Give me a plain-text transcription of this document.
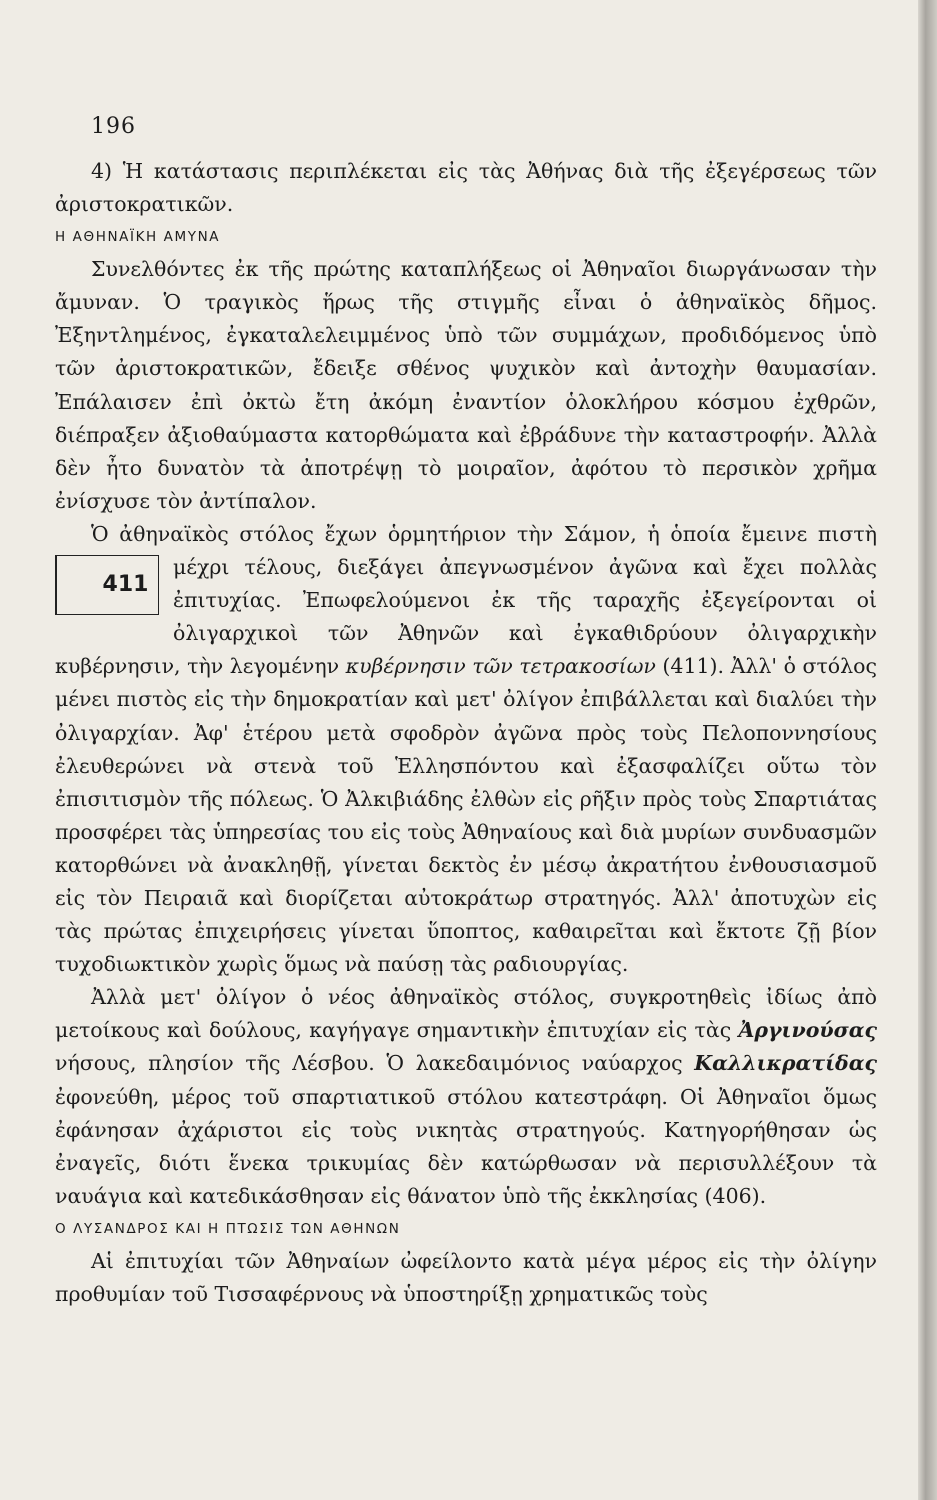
196

4) Ἡ κατάστασις περιπλέκεται εἰς τὰς Ἀθήνας διὰ τῆς ἐξεγέρσεως τῶν ἀριστοκρατικῶν.

Η ΑΘΗΝΑΪΚΗ ΑΜΥΝΑ

Συνελθόντες ἐκ τῆς πρώτης καταπλήξεως οἱ Ἀθηναῖοι διωργάνωσαν τὴν ἄμυναν. Ὁ τραγικὸς ἥρως τῆς στιγμῆς εἶναι ὁ ἀθηναϊκὸς δῆμος. Ἐξηντλημένος, ἐγκαταλελειμμένος ὑπὸ τῶν συμμάχων, προδιδόμενος ὑπὸ τῶν ἀριστοκρατικῶν, ἔδειξε σθένος ψυχικὸν καὶ ἀντοχὴν θαυμασίαν. Ἐπάλαισεν ἐπὶ ὀκτὼ ἔτη ἀκόμη ἐναντίον ὁλοκλήρου κόσμου ἐχθρῶν, διέπραξεν ἀξιοθαύμαστα κατορθώματα καὶ ἐβράδυνε τὴν καταστροφήν. Ἀλλὰ δὲν ἦτο δυνατὸν τὰ ἀποτρέψῃ τὸ μοιραῖον, ἀφότου τὸ περσικὸν χρῆμα ἐνίσχυσε τὸν ἀντίπαλον.

Ὁ ἀθηναϊκὸς στόλος ἔχων ὁρμητήριον τὴν Σάμον, ἡ ὁποία ἔμεινε πιστὴ μέχρι τέλους, διεξάγει ἀπεγνωσμένον ἀγῶνα καὶ ἔχει πολλὰς
411
ἐπιτυχίας. Ἐπωφελούμενοι ἐκ τῆς ταραχῆς ἐξεγείρονται οἱ ὀλιγαρχικοὶ τῶν Ἀθηνῶν καὶ ἐγκαθιδρύουν ὀλιγαρχικὴν κυβέρνησιν, τὴν λεγομένην κυβέρνησιν τῶν τετρακοσίων (411). Ἀλλ' ὁ στόλος μένει πιστὸς εἰς τὴν δημοκρατίαν καὶ μετ' ὀλίγον ἐπιβάλλεται καὶ διαλύει τὴν ὀλιγαρχίαν. Ἀφ' ἑτέρου μετὰ σφοδρὸν ἀγῶνα πρὸς τοὺς Πελοποννησίους ἐλευθερώνει νὰ στενὰ τοῦ Ἑλλησπόντου καὶ ἐξασφαλίζει οὕτω τὸν ἐπισιτισμὸν τῆς πόλεως. Ὁ Ἀλκιβιάδης ἐλθὼν εἰς ρῆξιν πρὸς τοὺς Σπαρτιάτας προσφέρει τὰς ὑπηρεσίας του εἰς τοὺς Ἀθηναίους καὶ διὰ μυρίων συνδυασμῶν κατορθώνει νὰ ἀνακληθῇ, γίνεται δεκτὸς ἐν μέσῳ ἀκρατήτου ἐνθουσιασμοῦ εἰς τὸν Πειραιᾶ καὶ διορίζεται αὐτοκράτωρ στρατηγός. Ἀλλ' ἀποτυχὼν εἰς τὰς πρώτας ἐπιχειρήσεις γίνεται ὕποπτος, καθαιρεῖται καὶ ἔκτοτε ζῇ βίον τυχοδιωκτικὸν χωρὶς ὅμως νὰ παύσῃ τὰς ραδιουργίας.

Ἀλλὰ μετ' ὀλίγον ὁ νέος ἀθηναϊκὸς στόλος, συγκροτηθεὶς ἰδίως ἀπὸ μετοίκους καὶ δούλους, καγήγαγε σημαντικὴν ἐπιτυχίαν εἰς τὰς Ἀργινούσας νήσους, πλησίον τῆς Λέσβου. Ὁ λακεδαιμόνιος ναύαρχος Καλλικρατίδας ἐφονεύθη, μέρος τοῦ σπαρτιατικοῦ στόλου κατεστράφη. Οἱ Ἀθηναῖοι ὅμως ἐφάνησαν ἀχάριστοι εἰς τοὺς νικητὰς στρατηγούς. Κατηγορήθησαν ὡς ἐναγεῖς, διότι ἕνεκα τρικυμίας δὲν κατώρθωσαν νὰ περισυλλέξουν τὰ ναυάγια καὶ κατεδικάσθησαν εἰς θάνατον ὑπὸ τῆς ἐκκλησίας (406).

Ο ΛΥΣΑΝΔΡΟΣ ΚΑΙ Η ΠΤΩΣΙΣ ΤΩΝ ΑΘΗΝΩΝ

Αἱ ἐπιτυχίαι τῶν Ἀθηναίων ὠφείλοντο κατὰ μέγα μέρος εἰς τὴν ὀλίγην προθυμίαν τοῦ Τισσαφέρνους νὰ ὑποστηρίξῃ χρηματικῶς τοὺς
